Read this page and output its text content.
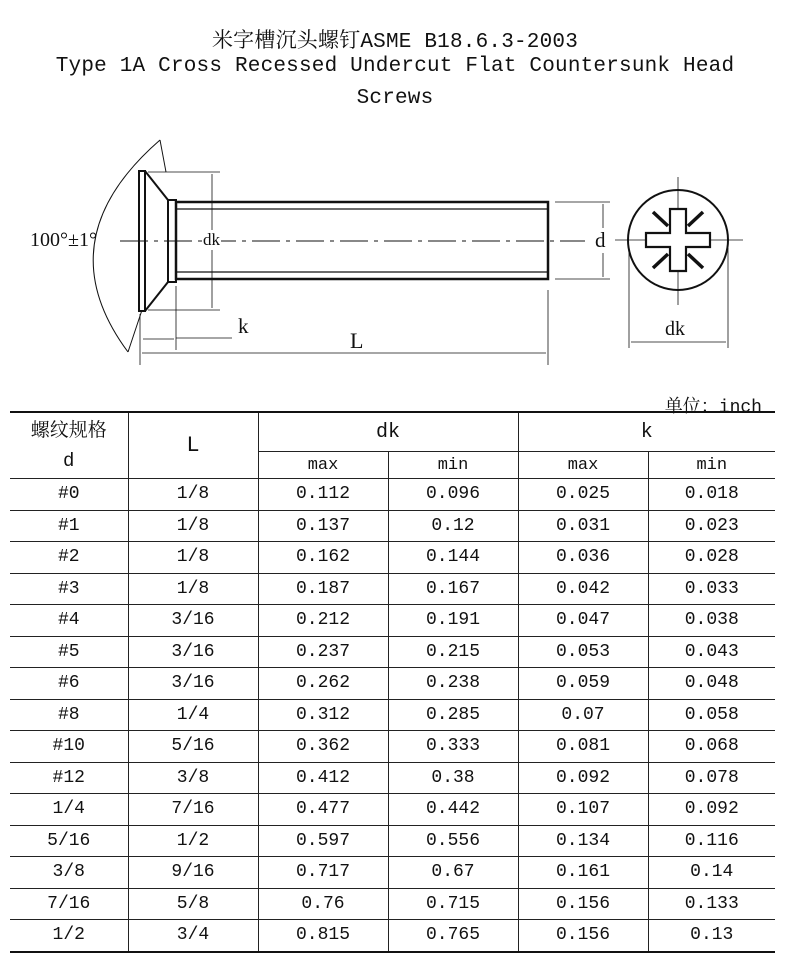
米字槽沉头螺钉ASME B18.6.3-2003
Type 1A Cross Recessed Undercut Flat Countersunk Head
Screws
100°±1°	dk	d
k
L	dk
单位：inch
螺纹规格
d	L	dk		k	
		max	min	max	min
#0	1/8	0.112	0.096	0.025	0.018
#1	1/8	0.137	0.12	0.031	0.023
#2	1/8	0.162	0.144	0.036	0.028
#3	1/8	0.187	0.167	0.042	0.033
#4	3/16	0.212	0.191	0.047	0.038
#5	3/16	0.237	0.215	0.053	0.043
#6	3/16	0.262	0.238	0.059	0.048
#8	1/4	0.312	0.285	0.07	0.058
#10	5/16	0.362	0.333	0.081	0.068
#12	3/8	0.412	0.38	0.092	0.078
1/4	7/16	0.477	0.442	0.107	0.092
5/16	1/2	0.597	0.556	0.134	0.116
3/8	9/16	0.717	0.67	0.161	0.14
7/16	5/8	0.76	0.715	0.156	0.133
1/2	3/4	0.815	0.765	0.156	0.13
